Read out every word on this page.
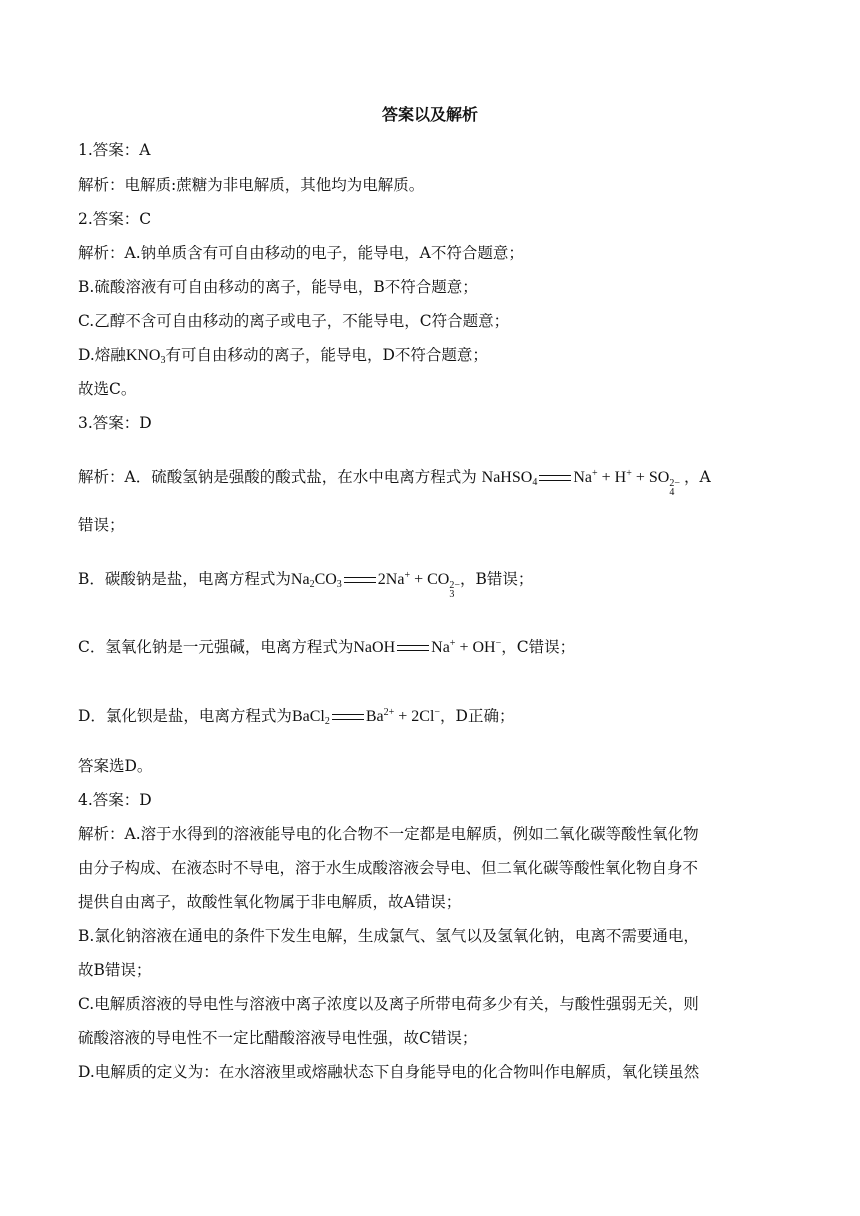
答案以及解析
1.答案：A
解析：电解质:蔗糖为非电解质，其他均为电解质。
2.答案：C
解析：A.钠单质含有可自由移动的电子，能导电，A不符合题意；
B.硫酸溶液有可自由移动的离子，能导电，B不符合题意；
C.乙醇不含可自由移动的离子或电子，不能导电，C符合题意；
D.熔融$KNO_3$有可自由移动的离子，能导电，D不符合题意；
故选C。
3.答案：D
解析：A．硫酸氢钠是强酸的酸式盐，在水中电离方程式为 NaHSO$_4$ Na+ + H+ + SO 2−
4
，A
错误；
B．碳酸钠是盐，电离方程式为$Na_2CO_3$ 2Na+ + CO 2−
3
，B错误；
C．氢氧化钠是一元强碱，电离方程式为NaOH Na+ + OH−，C错误；
D．氯化钡是盐，电离方程式为BaCl$_2$ $Ba^{2+} + 2Cl^-$，D正确；
答案选D。
4.答案：D
解析：A.溶于水得到的溶液能导电的化合物不一定都是电解质，例如二氧化碳等酸性氧化物
由分子构成、在液态时不导电，溶于水生成酸溶液会导电、但二氧化碳等酸性氧化物自身不
提供自由离子，故酸性氧化物属于非电解质，故A错误；
B.氯化钠溶液在通电的条件下发生电解，生成氯气、氢气以及氢氧化钠，电离不需要通电，
故B错误；
C.电解质溶液的导电性与溶液中离子浓度以及离子所带电荷多少有关，与酸性强弱无关，则
硫酸溶液的导电性不一定比醋酸溶液导电性强，故C错误；
D.电解质的定义为：在水溶液里或熔融状态下自身能导电的化合物叫作电解质，氧化镁虽然
